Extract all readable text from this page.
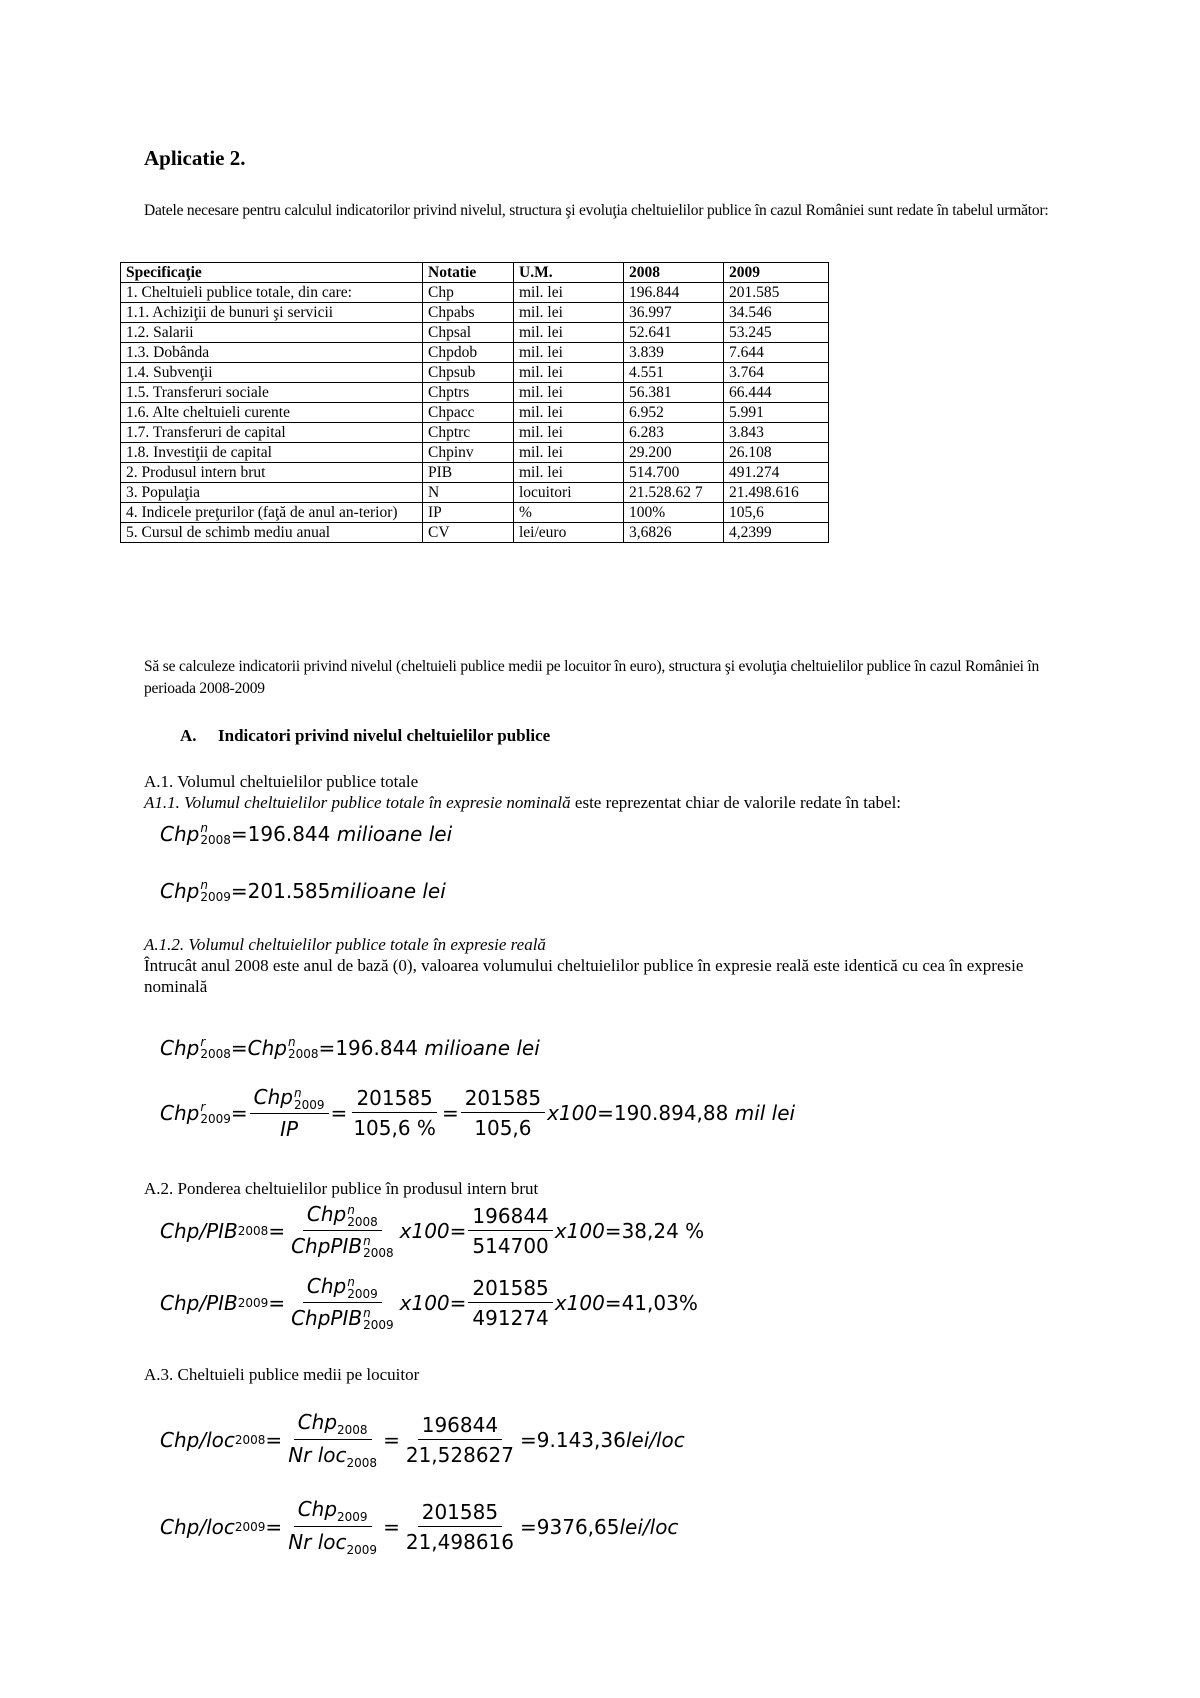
Aplicatie 2.
Datele necesare pentru calculul indicatorilor privind nivelul, structura şi evoluţia cheltuielilor publice în cazul României sunt redate în tabelul următor:
Specificaţie	Notatie	U.M.	2008	2009
1. Cheltuieli publice totale, din care:	Chp	mil. lei	196.844	201.585
1.1. Achiziţii de bunuri şi servicii	Chpabs	mil. lei	36.997	34.546
1.2. Salarii	Chpsal	mil. lei	52.641	53.245
1.3. Dobânda	Chpdob	mil. lei	3.839	7.644
1.4. Subvenţii	Chpsub	mil. lei	4.551	3.764
1.5. Transferuri sociale	Chptrs	mil. lei	56.381	66.444
1.6. Alte cheltuieli curente	Chpacc	mil. lei	6.952	5.991
1.7. Transferuri de capital	Chptrc	mil. lei	6.283	3.843
1.8. Investiţii de capital	Chpinv	mil. lei	29.200	26.108
2. Produsul intern brut	PIB	mil. lei	514.700	491.274
3. Populaţia	N	locuitori	21.528.62 7	21.498.616
4. Indicele preţurilor (faţă de anul an-terior)	IP	%	100%	105,6
5. Cursul de schimb mediu anual	CV	lei/euro	3,6826	4,2399
Să se calculeze indicatorii privind nivelul (cheltuieli publice medii pe locuitor în euro), structura şi evoluţia cheltuielilor publice în cazul României în perioada 2008-2009
A. Indicatori privind nivelul cheltuielilor publice
A.1. Volumul cheltuielilor publice totale
A1.1. Volumul cheltuielilor publice totale în expresie nominală este reprezentat chiar de valorile redate în tabel:
Chp n
2008 = 196.844
milioane lei
Chp n
2009 = 201.585 milioane lei
A.1.2. Volumul cheltuielilor publice totale în expresie reală
Întrucât anul 2008 este anul de bază (0), valoarea volumului cheltuielilor publice în expresie reală este identică cu cea în expresie nominală
Chp r
2008 = Chp n
2008 = 196.844
milioane lei
Chp r
2009 = Chp n
2009
IP = $\frac{201585}{105,6 \%} = \frac{201585}{105,6} x100 = 190.894,88$
mil lei
A.2. Ponderea cheltuielilor publice în produsul intern brut
Chp/PIB 2008 = Chp n
2008
ChpPIB n
2008 $x100 = \frac{196844}{514700} x100 = 38,24$ %
Chp/PIB 2009 = Chp n
2009
ChpPIB n
2009 $x100 = \frac{201585}{491274} x100 = 41,03\%$
A.3. Cheltuieli publice medii pe locuitor
Chp/loc $2008 = \frac{Chp_{2008}}{Nr loc_{2008}} = \frac{196844}{21,528627} = 9.143,36$ lei/loc
Chp/loc $2009 = \frac{Chp_{2009}}{Nr loc_{2009}} = \frac{201585}{21,498616} = 9376,65$ lei/loc
